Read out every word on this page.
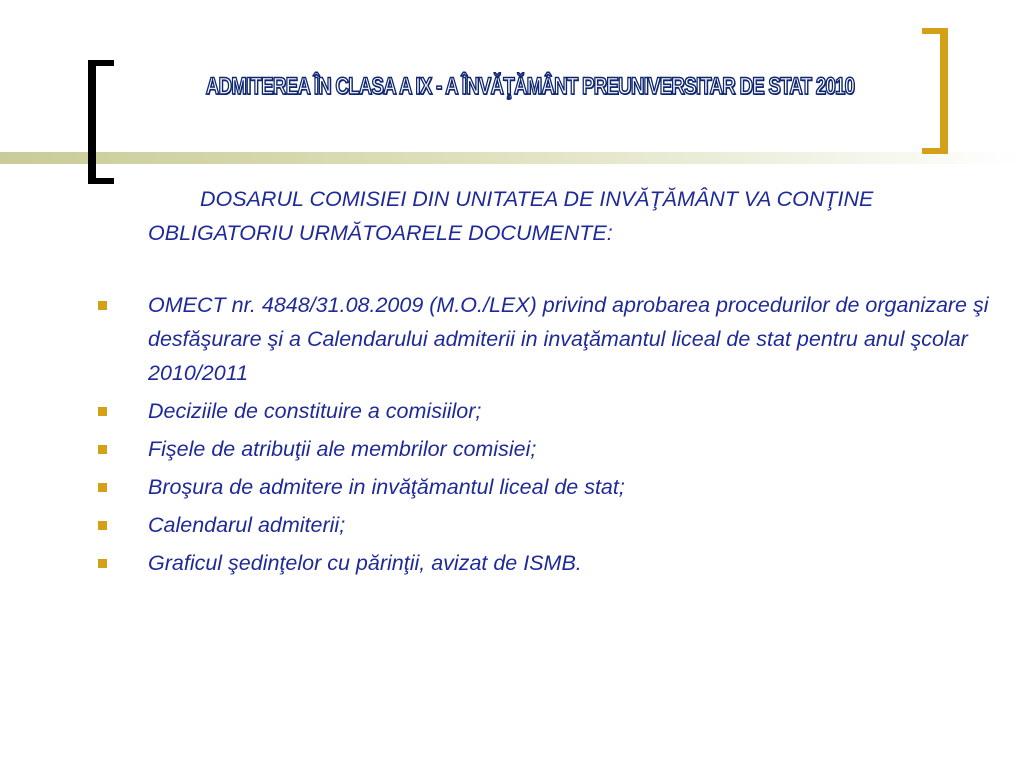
ADMITEREA ÎN CLASA A IX - A ÎNVĂŢĂMÂNT PREUNIVERSITAR DE STAT 2010

DOSARUL COMISIEI DIN UNITATEA DE INVĂŢĂMÂNT VA CONŢINE OBLIGATORIU URMĂTOARELE DOCUMENTE:

OMECT nr. 4848/31.08.2009 (M.O./LEX) privind aprobarea procedurilor de organizare şi desfăşurare şi a Calendarului admiterii in invaţămantul liceal de stat pentru anul şcolar 2010/2011
Deciziile de constituire a comisiilor;
Fişele de atribuţii ale membrilor comisiei;
Broşura de admitere in invăţămantul liceal de stat;
Calendarul admiterii;
Graficul şedinţelor cu părinţii, avizat de ISMB.
